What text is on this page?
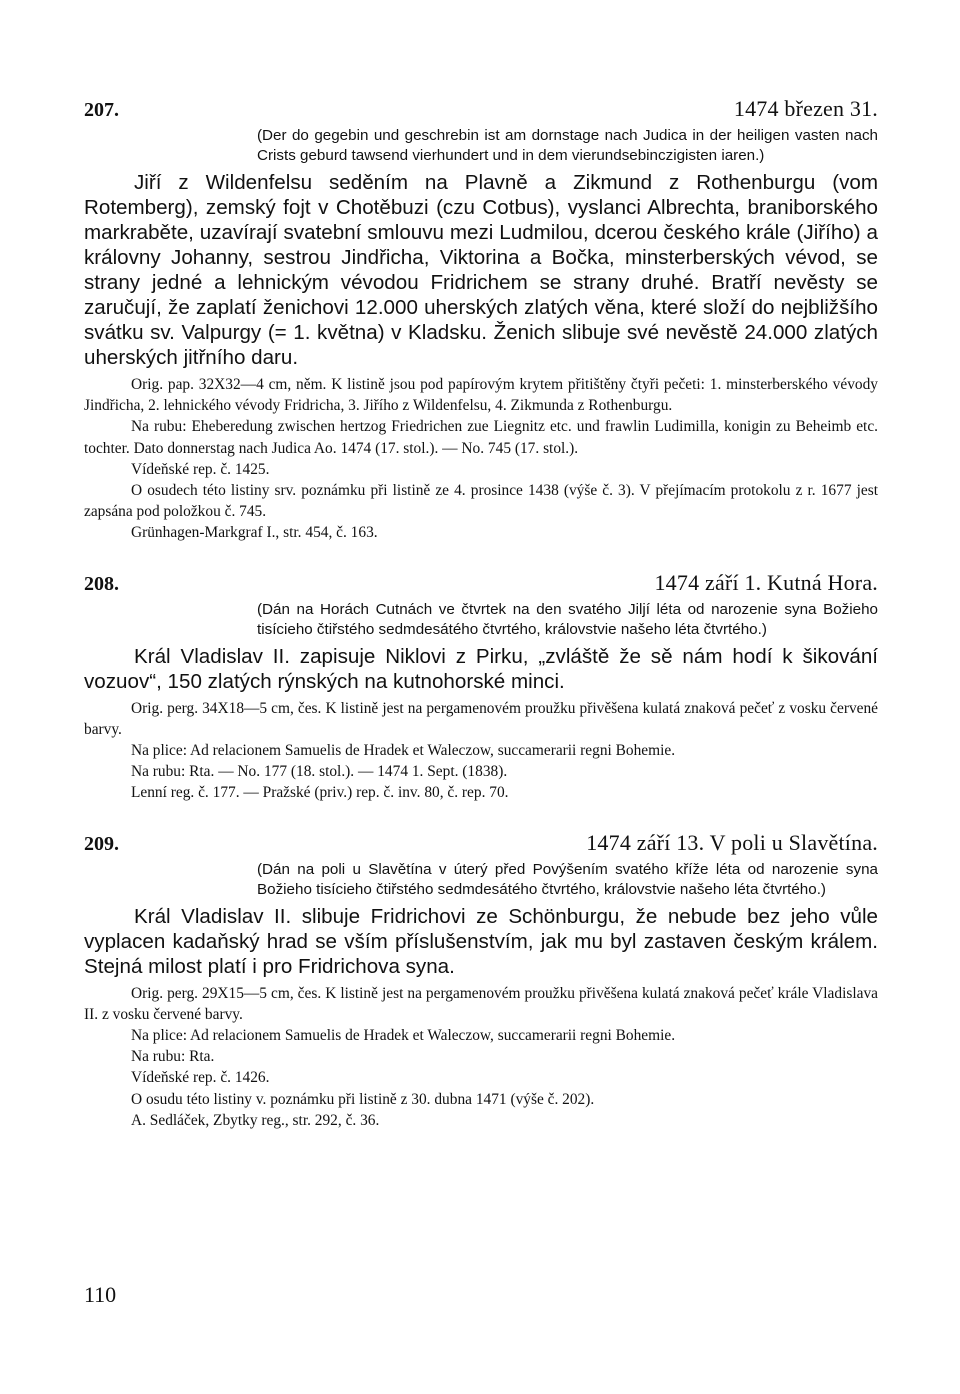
207.	1474 březen 31.

(Der do gegebin und geschrebin ist am dornstage nach Judica in der heiligen vasten nach Crists geburd tawsend vierhundert und in dem vierundsebinczigisten iaren.)

Jiří z Wildenfelsu seděním na Plavně a Zikmund z Rothenburgu (vom Rotemberg), zemský fojt v Chotěbuzi (czu Cotbus), vyslanci Albrechta, braniborského markraběte, uzavírají svatební smlouvu mezi Ludmilou, dcerou českého krále (Jiřího) a královny Johanny, sestrou Jindřicha, Viktorina a Bočka, minsterberských vévod, se strany jedné a lehnickým vévodou Fridrichem se strany druhé. Bratří nevěsty se zaručují, že zaplatí ženichovi 12.000 uherských zlatých věna, které složí do nejbližšího svátku sv. Valpurgy (= 1. května) v Kladsku. Ženich slibuje své nevěstě 24.000 zlatých uherských jitřního daru.

Orig. pap. 32X32—4 cm, něm. K listině jsou pod papírovým krytem přitištěny čtyři pečeti: 1. minsterberského vévody Jindřicha, 2. lehnického vévody Fridricha, 3. Jiřího z Wildenfelsu, 4. Zikmunda z Rothenburgu.

Na rubu: Eheberedung zwischen hertzog Friedrichen zue Liegnitz etc. und frawlin Ludimilla, konigin zu Beheimb etc. tochter. Dato donnerstag nach Judica Ao. 1474 (17. stol.). — No. 745 (17. stol.).

Vídeňské rep. č. 1425.

O osudech této listiny srv. poznámku při listině ze 4. prosince 1438 (výše č. 3). V přejímacím protokolu z r. 1677 jest zapsána pod položkou č. 745.

Grünhagen-Markgraf I., str. 454, č. 163.

208.	1474 září 1. Kutná Hora.

(Dán na Horách Cutnách ve čtvrtek na den svatého Jiljí léta od narozenie syna Božieho tisícieho čtiřstého sedmdesátého čtvrtého, královstvie našeho léta čtvrtého.)

Král Vladislav II. zapisuje Niklovi z Pirku, „zvláště že sě nám hodí k šikování vozuov“, 150 zlatých rýnských na kutnohorské minci.

Orig. perg. 34X18—5 cm, čes. K listině jest na pergamenovém proužku přivěšena kulatá znaková pečeť z vosku červené barvy.

Na plice: Ad relacionem Samuelis de Hradek et Waleczow, succamerarii regni Bohemie.

Na rubu: Rta. — No. 177 (18. stol.). — 1474 1. Sept. (1838).

Lenní reg. č. 177. — Pražské (priv.) rep. č. inv. 80, č. rep. 70.

209.	1474 září 13. V poli u Slavětína.

(Dán na poli u Slavětína v úterý před Povýšením svatého kříže léta od narozenie syna Božieho tisícieho čtiřstého sedmdesátého čtvrtého, královstvie našeho léta čtvrtého.)

Král Vladislav II. slibuje Fridrichovi ze Schönburgu, že nebude bez jeho vůle vyplacen kadaňský hrad se vším příslušenstvím, jak mu byl zastaven českým králem. Stejná milost platí i pro Fridrichova syna.

Orig. perg. 29X15—5 cm, čes. K listině jest na pergamenovém proužku přivěšena kulatá znaková pečeť krále Vladislava II. z vosku červené barvy.

Na plice: Ad relacionem Samuelis de Hradek et Waleczow, succamerarii regni Bohemie.

Na rubu: Rta.

Vídeňské rep. č. 1426.

O osudu této listiny v. poznámku při listině z 30. dubna 1471 (výše č. 202).

A. Sedláček, Zbytky reg., str. 292, č. 36.

110
